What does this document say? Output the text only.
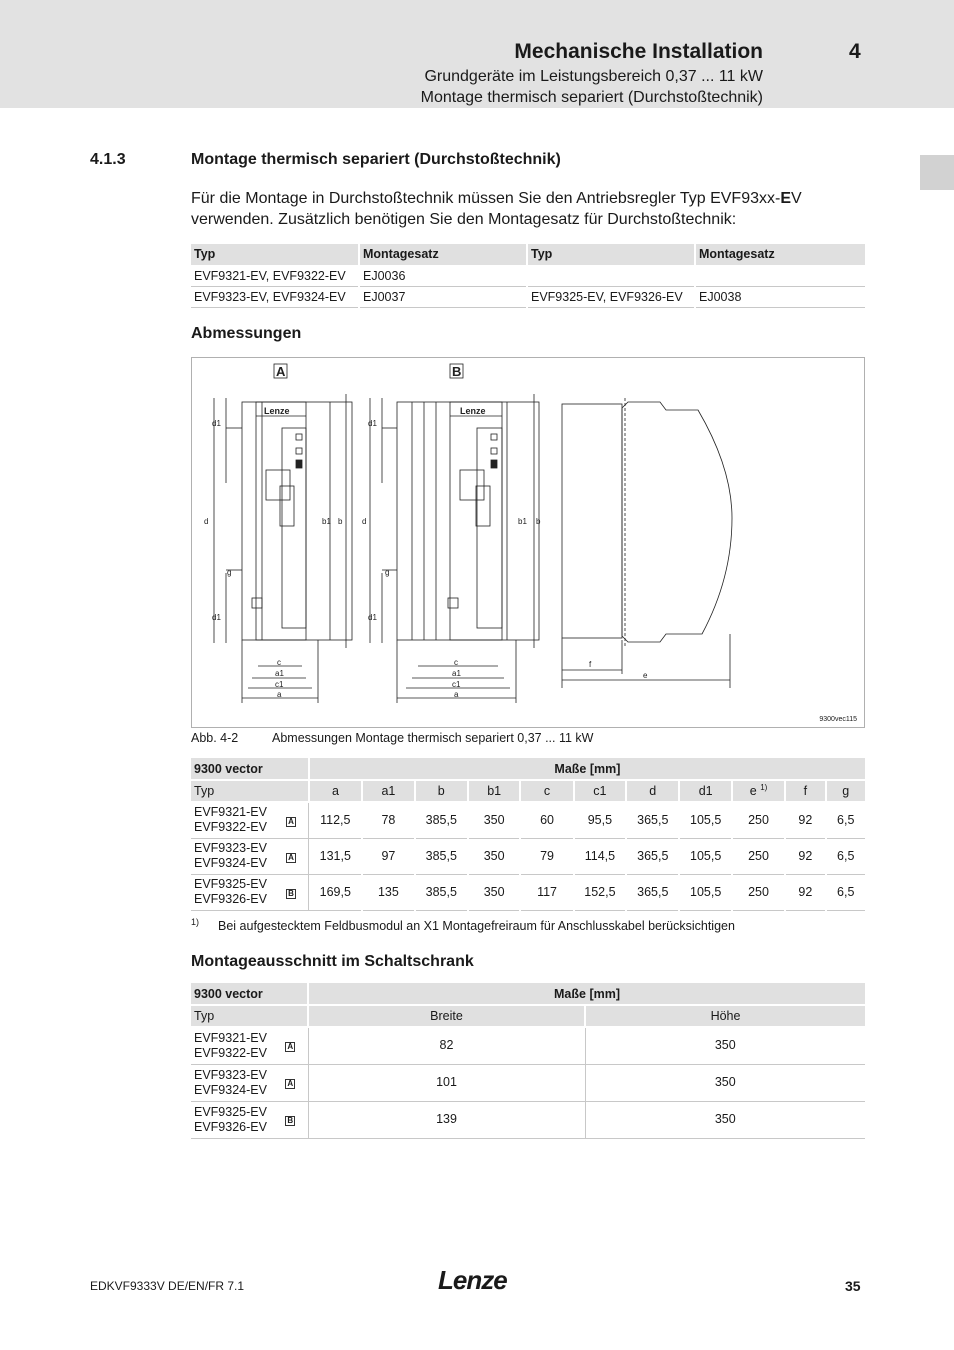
Mechanische Installation	4
Grundgeräte im Leistungsbereich 0,37 ... 11 kW
Montage thermisch separiert (Durchstoßtechnik)
4.1.3	Montage thermisch separiert (Durchstoßtechnik)

Für die Montage in Durchstoßtechnik müssen Sie den Antriebsregler Typ EVF93xx-EV verwenden. Zusätzlich benötigen Sie den Montagesatz für Durchstoßtechnik:

Typ	Montagesatz	Typ	Montagesatz
EVF9321-EV, EVF9322-EV	EJ0036		
EVF9323-EV, EVF9324-EV	EJ0037	EVF9325-EV, EVF9326-EV	EJ0038
Abmessungen
A	B
Lenze	Lenze
d1
d
g
d1
b1 b
c
a1
c1
a
d1
d
g
d1
b1 b
c
a1
c1
a
f
e
9300vec115
Abb. 4-2	Abmessungen Montage thermisch separiert 0,37 ... 11 kW
9300 vector		Maße [mm]										
Typ		a	a1	b	b1	c	c1	d	d1	e $^{1)}$	f	g

EVF9321-EV
EVF9322-EV	A	112,5	78	385,5	350	60	95,5	365,5	105,5	250	92	6,5

EVF9323-EV
EVF9324-EV	A	131,5	97	385,5	350	79	114,5	365,5	105,5	250	92	6,5

EVF9325-EV
EVF9326-EV	B	169,5	135	385,5	350	117	152,5	365,5	105,5	250	92	6,5
1) Bei aufgestecktem Feldbusmodul an X1 Montagefreiraum für Anschlusskabel berücksichtigen
Montageausschnitt im Schaltschrank
9300 vector		Maße [mm]	
Typ		Breite	Höhe

EVF9321-EV
EVF9322-EV	A	82	350

EVF9323-EV
EVF9324-EV	A	101	350

EVF9325-EV
EVF9326-EV	B	139	350
EDKVF9333V DE/EN/FR 7.1	Lenze	35
